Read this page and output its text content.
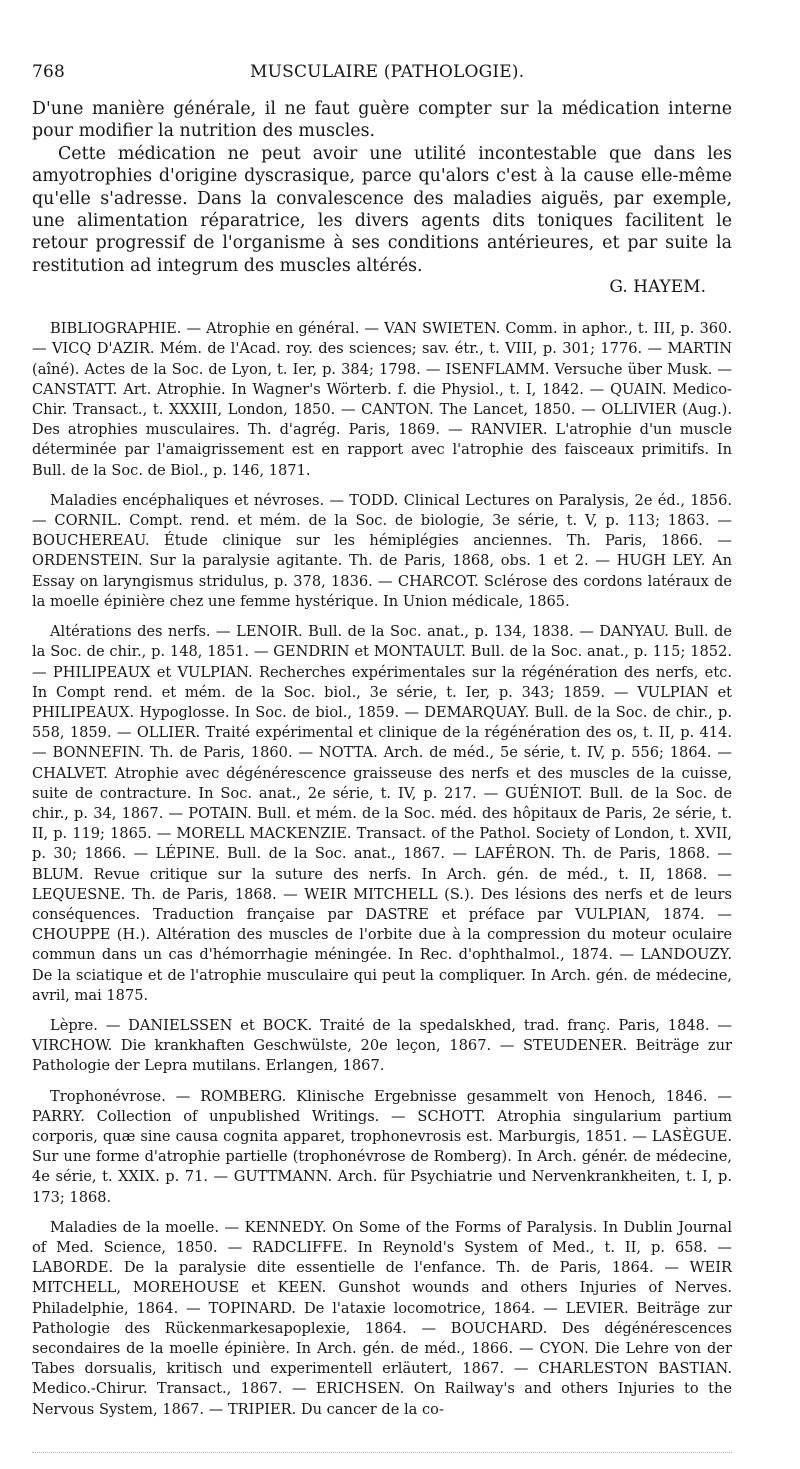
768	MUSCULAIRE (PATHOLOGIE).

D'une manière générale, il ne faut guère compter sur la médication interne pour modifier la nutrition des muscles.

Cette médication ne peut avoir une utilité incontestable que dans les amyotrophies d'origine dyscrasique, parce qu'alors c'est à la cause elle-même qu'elle s'adresse. Dans la convalescence des maladies aiguës, par exemple, une alimentation réparatrice, les divers agents dits toniques facilitent le retour progressif de l'organisme à ses conditions antérieures, et par suite la restitution ad integrum des muscles altérés.

G. HAYEM.

BIBLIOGRAPHIE. — Atrophie en général. — VAN SWIETEN. Comm. in aphor., t. III, p. 360. — VICQ D'AZIR. Mém. de l'Acad. roy. des sciences; sav. étr., t. VIII, p. 301; 1776. — MARTIN (aîné). Actes de la Soc. de Lyon, t. Ier, p. 384; 1798. — ISENFLAMM. Versuche über Musk. — CANSTATT. Art. Atrophie. In Wagner's Wörterb. f. die Physiol., t. I, 1842. — QUAIN. Medico-Chir. Transact., t. XXXIII, London, 1850. — CANTON. The Lancet, 1850. — OLLIVIER (Aug.). Des atrophies musculaires. Th. d'agrég. Paris, 1869. — RANVIER. L'atrophie d'un muscle déterminée par l'amaigrissement est en rapport avec l'atrophie des faisceaux primitifs. In Bull. de la Soc. de Biol., p. 146, 1871.

Maladies encéphaliques et névroses. — TODD. Clinical Lectures on Paralysis, 2e éd., 1856. — CORNIL. Compt. rend. et mém. de la Soc. de biologie, 3e série, t. V, p. 113; 1863. — BOUCHEREAU. Étude clinique sur les hémiplégies anciennes. Th. Paris, 1866. — ORDENSTEIN. Sur la paralysie agitante. Th. de Paris, 1868, obs. 1 et 2. — HUGH LEY. An Essay on laryngismus stridulus, p. 378, 1836. — CHARCOT. Sclérose des cordons latéraux de la moelle épinière chez une femme hystérique. In Union médicale, 1865.

Altérations des nerfs. — LENOIR. Bull. de la Soc. anat., p. 134, 1838. — DANYAU. Bull. de la Soc. de chir., p. 148, 1851. — GENDRIN et MONTAULT. Bull. de la Soc. anat., p. 115; 1852. — PHILIPEAUX et VULPIAN. Recherches expérimentales sur la régénération des nerfs, etc. In Compt rend. et mém. de la Soc. biol., 3e série, t. Ier, p. 343; 1859. — VULPIAN et PHILIPEAUX. Hypoglosse. In Soc. de biol., 1859. — DEMARQUAY. Bull. de la Soc. de chir., p. 558, 1859. — OLLIER. Traité expérimental et clinique de la régénération des os, t. II, p. 414. — BONNEFIN. Th. de Paris, 1860. — NOTTA. Arch. de méd., 5e série, t. IV, p. 556; 1864. — CHALVET. Atrophie avec dégénérescence graisseuse des nerfs et des muscles de la cuisse, suite de contracture. In Soc. anat., 2e série, t. IV, p. 217. — GUÉNIOT. Bull. de la Soc. de chir., p. 34, 1867. — POTAIN. Bull. et mém. de la Soc. méd. des hôpitaux de Paris, 2e série, t. II, p. 119; 1865. — MORELL MACKENZIE. Transact. of the Pathol. Society of London, t. XVII, p. 30; 1866. — LÉPINE. Bull. de la Soc. anat., 1867. — LAFÉRON. Th. de Paris, 1868. — BLUM. Revue critique sur la suture des nerfs. In Arch. gén. de méd., t. II, 1868. — LEQUESNE. Th. de Paris, 1868. — WEIR MITCHELL (S.). Des lésions des nerfs et de leurs conséquences. Traduction française par DASTRE et préface par VULPIAN, 1874. — CHOUPPE (H.). Altération des muscles de l'orbite due à la compression du moteur oculaire commun dans un cas d'hémorrhagie méningée. In Rec. d'ophthalmol., 1874. — LANDOUZY. De la sciatique et de l'atrophie musculaire qui peut la compliquer. In Arch. gén. de médecine, avril, mai 1875.

Lèpre. — DANIELSSEN et BOCK. Traité de la spedalskhed, trad. franç. Paris, 1848. — VIRCHOW. Die krankhaften Geschwülste, 20e leçon, 1867. — STEUDENER. Beiträge zur Pathologie der Lepra mutilans. Erlangen, 1867.

Trophonévrose. — ROMBERG. Klinische Ergebnisse gesammelt von Henoch, 1846. — PARRY. Collection of unpublished Writings. — SCHOTT. Atrophia singularium partium corporis, quæ sine causa cognita apparet, trophonevrosis est. Marburgis, 1851. — LASÈGUE. Sur une forme d'atrophie partielle (trophonévrose de Romberg). In Arch. génér. de médecine, 4e série, t. XXIX. p. 71. — GUTTMANN. Arch. für Psychiatrie und Nervenkrankheiten, t. I, p. 173; 1868.

Maladies de la moelle. — KENNEDY. On Some of the Forms of Paralysis. In Dublin Journal of Med. Science, 1850. — RADCLIFFE. In Reynold's System of Med., t. II, p. 658. — LABORDE. De la paralysie dite essentielle de l'enfance. Th. de Paris, 1864. — WEIR MITCHELL, MOREHOUSE et KEEN. Gunshot wounds and others Injuries of Nerves. Philadelphie, 1864. — TOPINARD. De l'ataxie locomotrice, 1864. — LEVIER. Beiträge zur Pathologie des Rückenmarkesapoplexie, 1864. — BOUCHARD. Des dégénérescences secondaires de la moelle épinière. In Arch. gén. de méd., 1866. — CYON. Die Lehre von der Tabes dorsualis, kritisch und experimentell erläutert, 1867. — CHARLESTON BASTIAN. Medico.-Chirur. Transact., 1867. — ERICHSEN. On Railway's and others Injuries to the Nervous System, 1867. — TRIPIER. Du cancer de la co-
